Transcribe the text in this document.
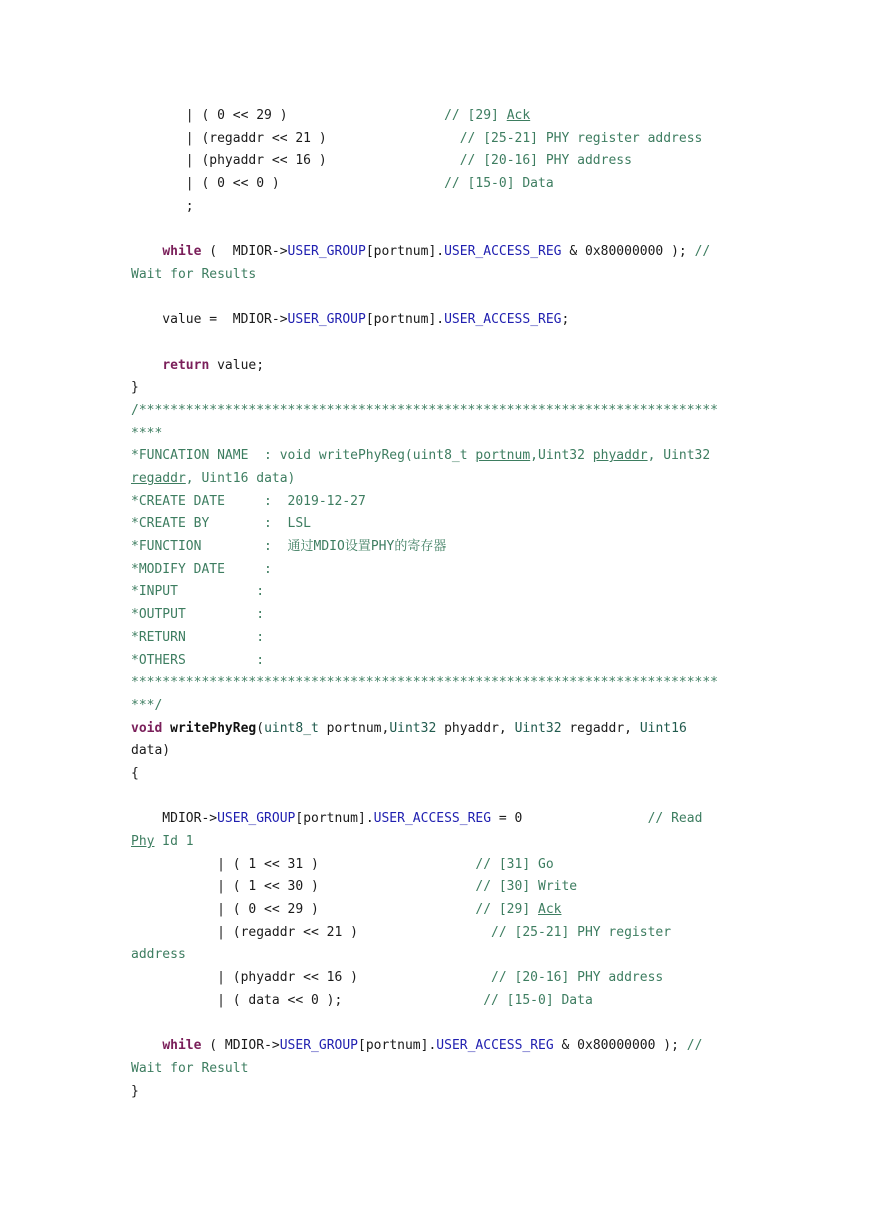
| ( 0 << 29 )                    // [29] Ack
| (regaddr << 21 )                 // [25-21] PHY register address
| (phyaddr << 16 )                 // [20-16] PHY address
| ( 0 << 0 )                     // [15-0] Data
;
while (  MDIOR->USER_GROUP[portnum].USER_ACCESS_REG & 0x80000000 ); //
Wait for Results
value =  MDIOR->USER_GROUP[portnum].USER_ACCESS_REG;
return value;
}
/**************************************************************************
****
*FUNCATION NAME  : void writePhyReg(uint8_t portnum,Uint32 phyaddr, Uint32
regaddr, Uint16 data)
*CREATE DATE     :  2019-12-27
*CREATE BY       :  LSL
*FUNCTION        :  通过MDIO设置PHY的寄存器
*MODIFY DATE     :
*INPUT          :
*OUTPUT         :
*RETURN         :
*OTHERS         :
***************************************************************************
***/
void writePhyReg(uint8_t portnum,Uint32 phyaddr, Uint32 regaddr, Uint16
data)
{
MDIOR->USER_GROUP[portnum].USER_ACCESS_REG = 0                // Read
Phy Id 1
| ( 1 << 31 )                    // [31] Go
| ( 1 << 30 )                    // [30] Write
| ( 0 << 29 )                    // [29] Ack
| (regaddr << 21 )                 // [25-21] PHY register
address
| (phyaddr << 16 )                 // [20-16] PHY address
| ( data << 0 );                  // [15-0] Data
while ( MDIOR->USER_GROUP[portnum].USER_ACCESS_REG & 0x80000000 ); //
Wait for Result
}
